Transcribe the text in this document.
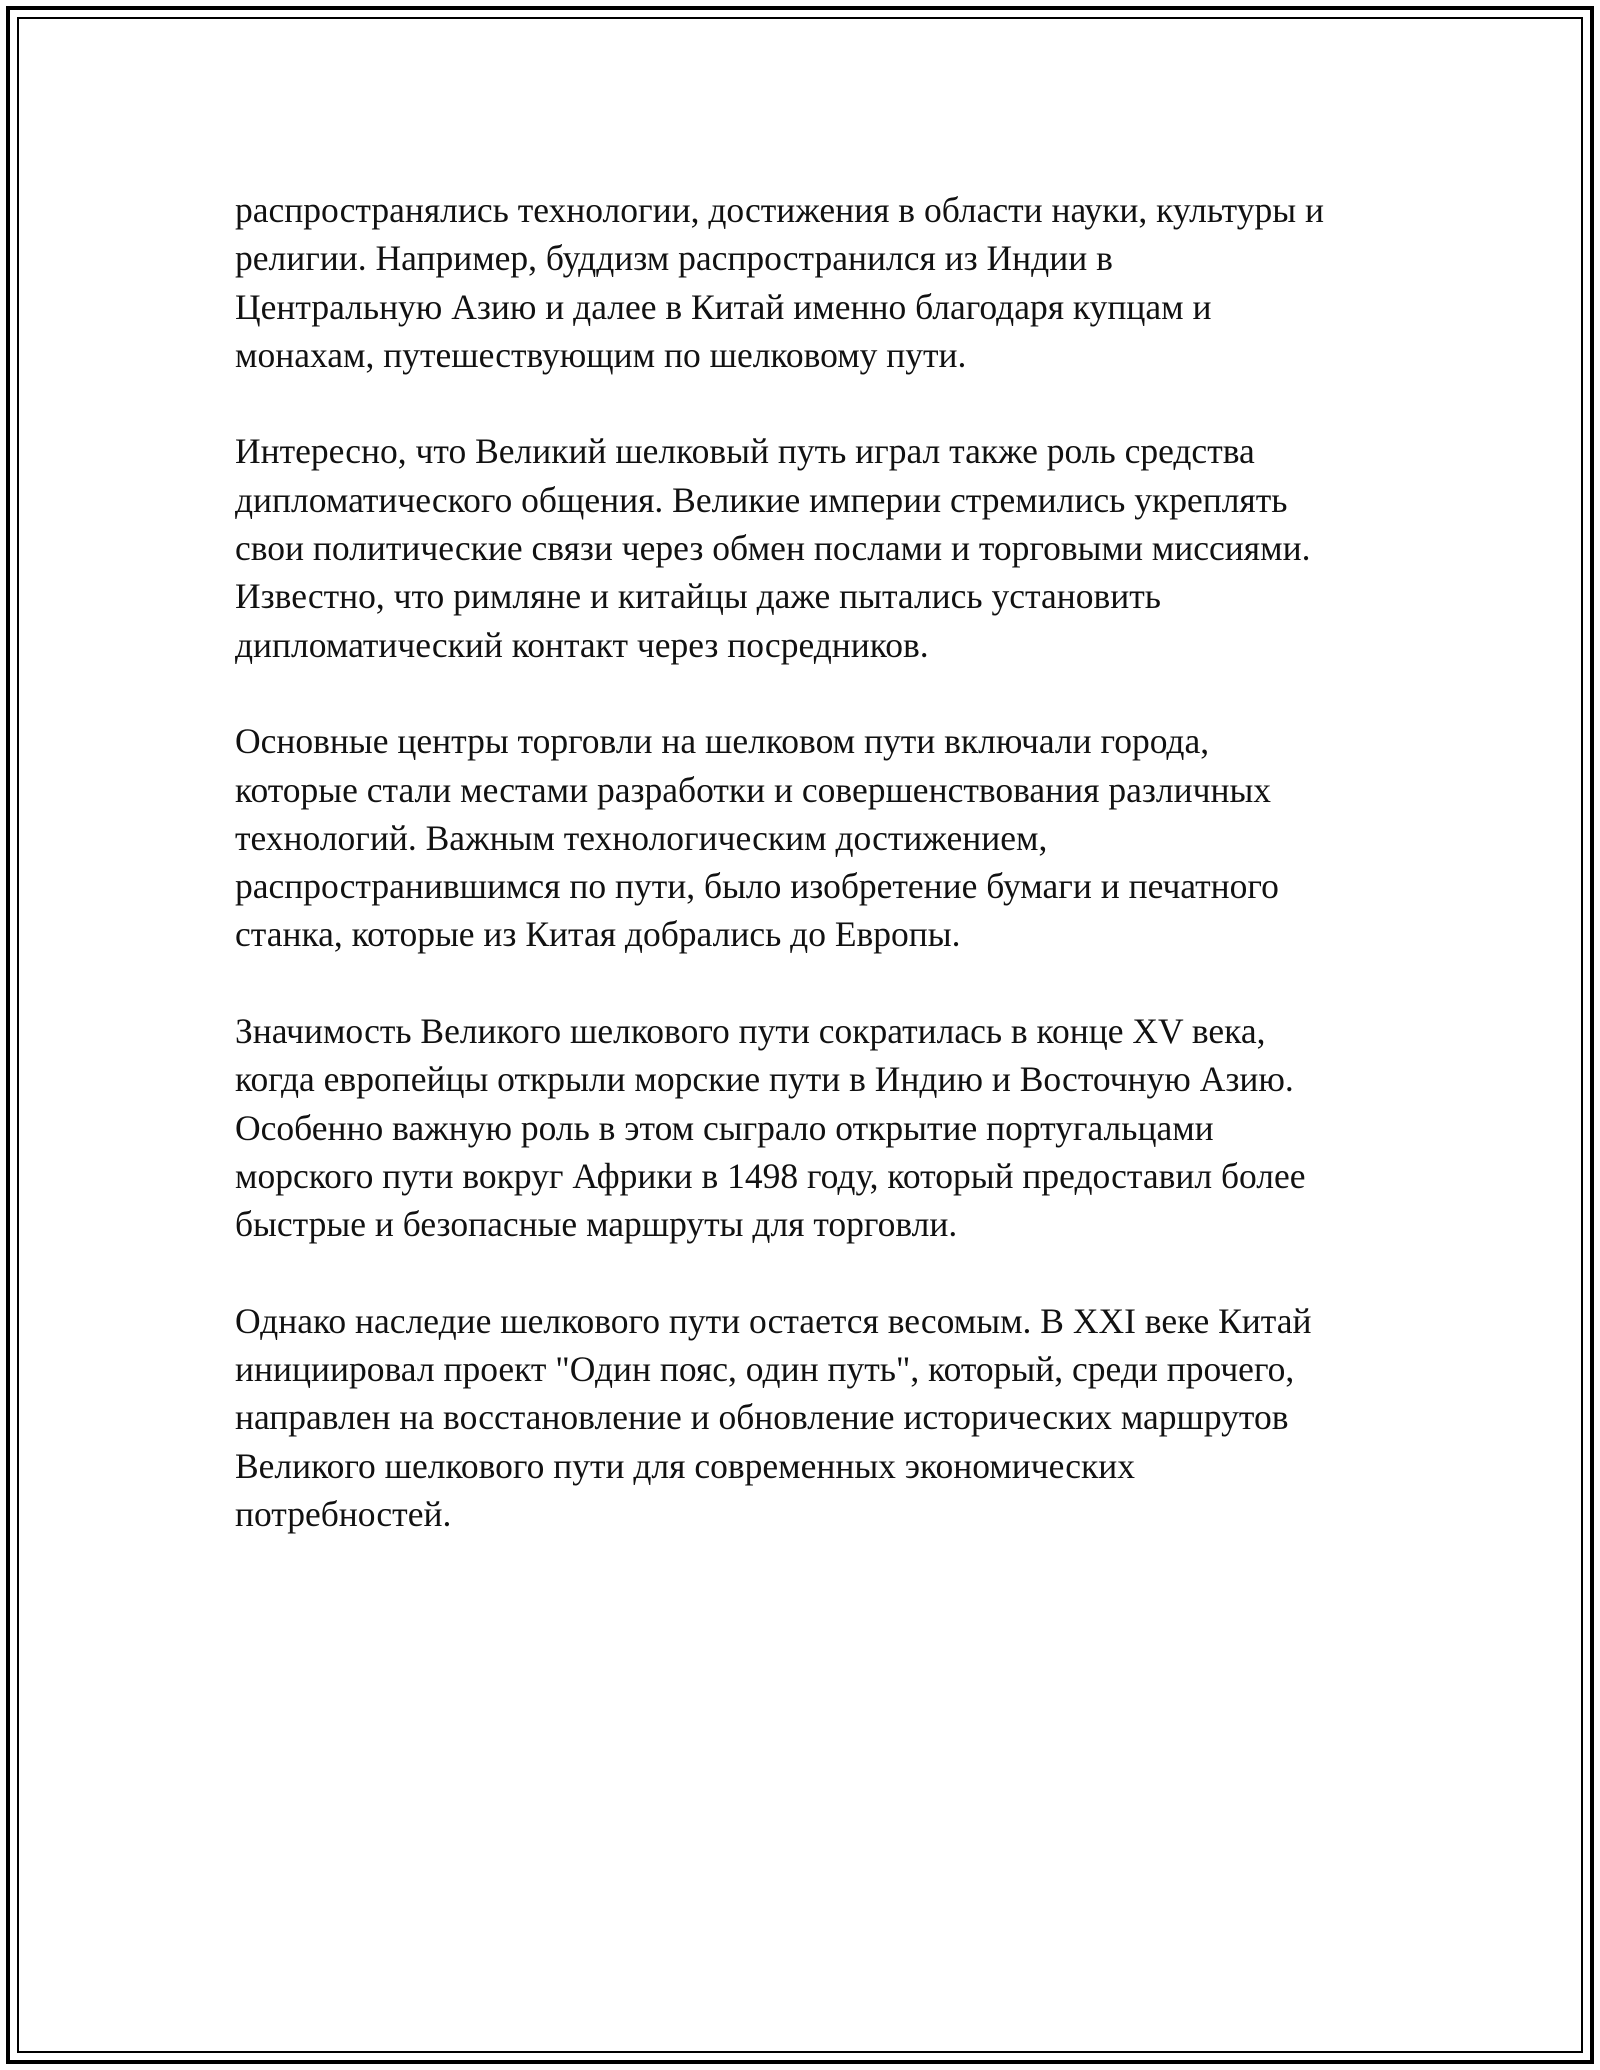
распространялись технологии, достижения в области науки, культуры и
религии. Например, буддизм распространился из Индии в
Центральную Азию и далее в Китай именно благодаря купцам и
монахам, путешествующим по шелковому пути.

Интересно, что Великий шелковый путь играл также роль средства
дипломатического общения. Великие империи стремились укреплять
свои политические связи через обмен послами и торговыми миссиями.
Известно, что римляне и китайцы даже пытались установить
дипломатический контакт через посредников.

Основные центры торговли на шелковом пути включали города,
которые стали местами разработки и совершенствования различных
технологий. Важным технологическим достижением,
распространившимся по пути, было изобретение бумаги и печатного
станка, которые из Китая добрались до Европы.

Значимость Великого шелкового пути сократилась в конце XV века,
когда европейцы открыли морские пути в Индию и Восточную Азию.
Особенно важную роль в этом сыграло открытие португальцами
морского пути вокруг Африки в 1498 году, который предоставил более
быстрые и безопасные маршруты для торговли.

Однако наследие шелкового пути остается весомым. В XXI веке Китай
инициировал проект "Один пояс, один путь", который, среди прочего,
направлен на восстановление и обновление исторических маршрутов
Великого шелкового пути для современных экономических
потребностей.
